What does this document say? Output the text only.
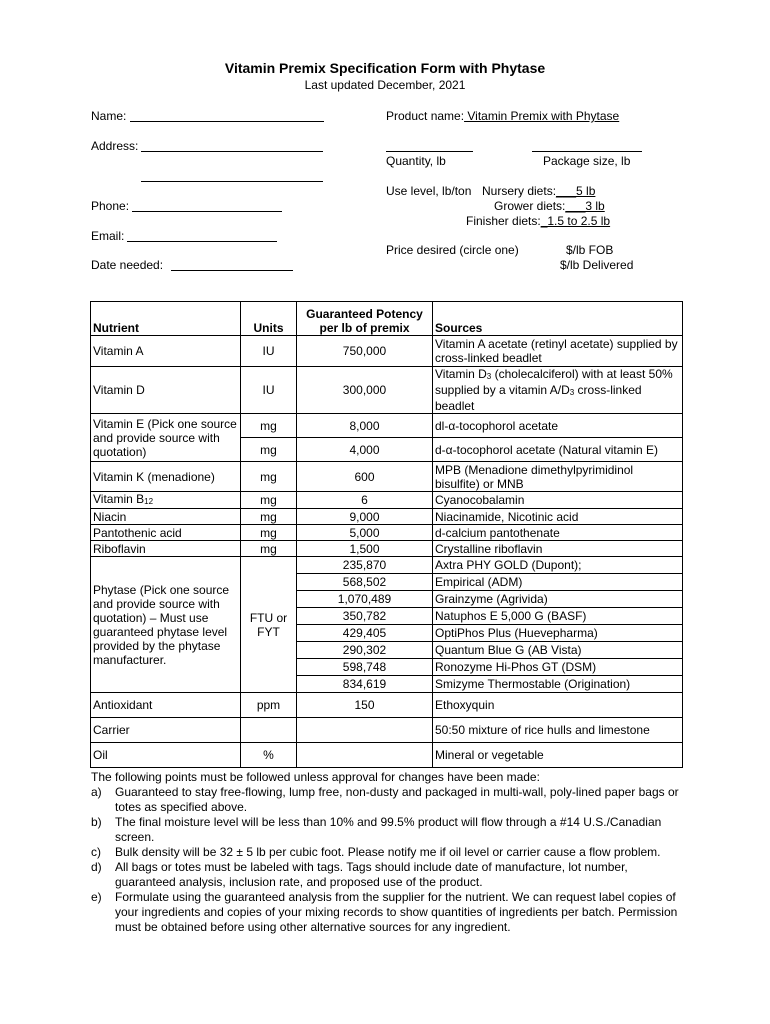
Vitamin Premix Specification Form with Phytase
Last updated December, 2021
Name:
Address:
Phone:
Email:
Date needed:
Product name: Vitamin Premix with Phytase
Quantity, lb	Package size, lb
Use level, lb/ton Nursery diets:___5 lb
Grower diets:___3 lb
Finisher diets:_1.5 to 2.5 lb
Price desired (circle one)	$/lb FOB
$/lb Delivered
Nutrient	Units	Guaranteed Potency per lb of premix	Sources
Vitamin A	IU	750,000	Vitamin A acetate (retinyl acetate) supplied by cross-linked beadlet
Vitamin D	IU	300,000	Vitamin $D_3$ (cholecalciferol) with at least 50% supplied by a vitamin $A/D_3$ cross-linked beadlet
Vitamin E (Pick one source and provide source with quotation)	mg	8,000	dl-α-tocophorol acetate
	mg	4,000	d-α-tocophorol acetate (Natural vitamin E)
Vitamin K (menadione)	mg	600	MPB (Menadione dimethylpyrimidinol bisulfite) or MNB
Vitamin $B_{12}$	mg	6	Cyanocobalamin
Niacin	mg	9,000	Niacinamide, Nicotinic acid
Pantothenic acid	mg	5,000	d-calcium pantothenate
Riboflavin	mg	1,500	Crystalline riboflavin
Phytase (Pick one source and provide source with quotation) – Must use guaranteed phytase level provided by the phytase manufacturer.	FTU or FYT	235,870	Axtra PHY GOLD (Dupont);
		568,502	Empirical (ADM)
		1,070,489	Grainzyme (Agrivida)
		350,782	Natuphos E 5,000 G (BASF)
		429,405	OptiPhos Plus (Huevepharma)
		290,302	Quantum Blue G (AB Vista)
		598,748	Ronozyme Hi-Phos GT (DSM)
		834,619	Smizyme Thermostable (Origination)
Antioxidant	ppm	150	Ethoxyquin
Carrier			50:50 mixture of rice hulls and limestone
Oil	%		Mineral or vegetable
The following points must be followed unless approval for changes have been made:
a) Guaranteed to stay free-flowing, lump free, non-dusty and packaged in multi-wall, poly-lined paper bags or totes as specified above.
b) The final moisture level will be less than 10% and 99.5% product will flow through a #14 U.S./Canadian screen.
c) Bulk density will be 32 ± 5 lb per cubic foot. Please notify me if oil level or carrier cause a flow problem.
d) All bags or totes must be labeled with tags. Tags should include date of manufacture, lot number, guaranteed analysis, inclusion rate, and proposed use of the product.
e) Formulate using the guaranteed analysis from the supplier for the nutrient. We can request label copies of your ingredients and copies of your mixing records to show quantities of ingredients per batch. Permission must be obtained before using other alternative sources for any ingredient.
